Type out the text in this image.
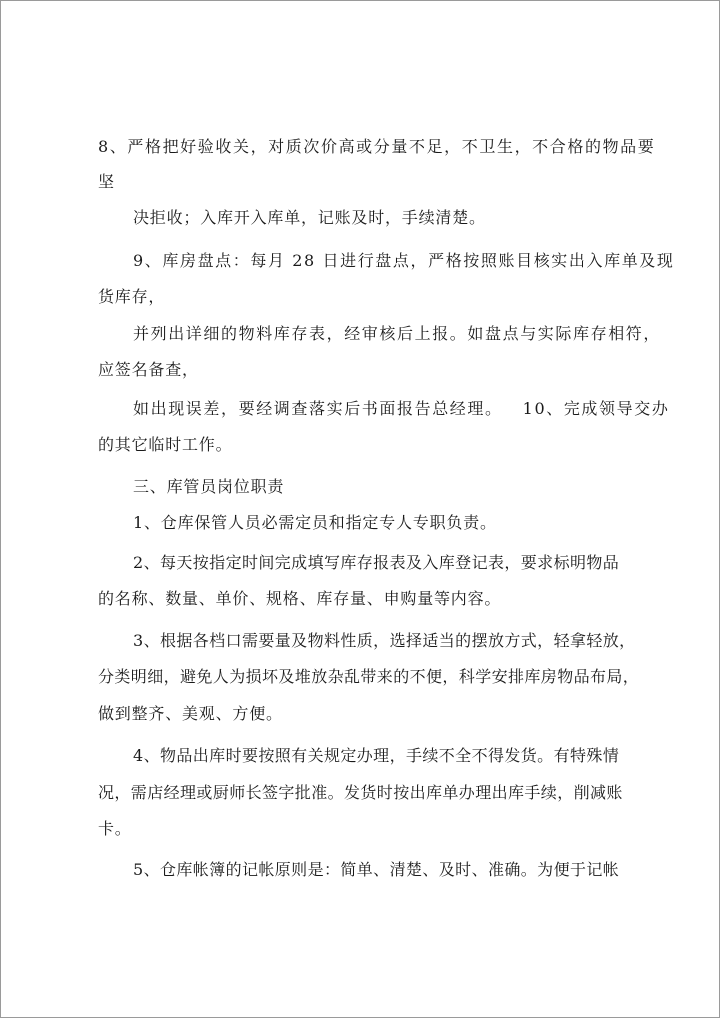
8、严格把好验收关，对质次价高或分量不足，不卫生，不合格的物品要

坚

决拒收；入库开入库单，记账及时，手续清楚。

9、库房盘点：每月 28 日进行盘点，严格按照账目核实出入库单及现

货库存，

并列出详细的物料库存表，经审核后上报。如盘点与实际库存相符，

应签名备查，

如出现误差，要经调查落实后书面报告总经理。   10、完成领导交办

的其它临时工作。

三、库管员岗位职责

1、仓库保管人员必需定员和指定专人专职负责。

2、每天按指定时间完成填写库存报表及入库登记表，要求标明物品

的名称、数量、单价、规格、库存量、申购量等内容。

3、根据各档口需要量及物料性质，选择适当的摆放方式，轻拿轻放，

分类明细，避免人为损坏及堆放杂乱带来的不便，科学安排库房物品布局，

做到整齐、美观、方便。

4、物品出库时要按照有关规定办理，手续不全不得发货。有特殊情

况，需店经理或厨师长签字批准。发货时按出库单办理出库手续，削减账

卡。

5、仓库帐簿的记帐原则是：简单、清楚、及时、准确。为便于记帐
